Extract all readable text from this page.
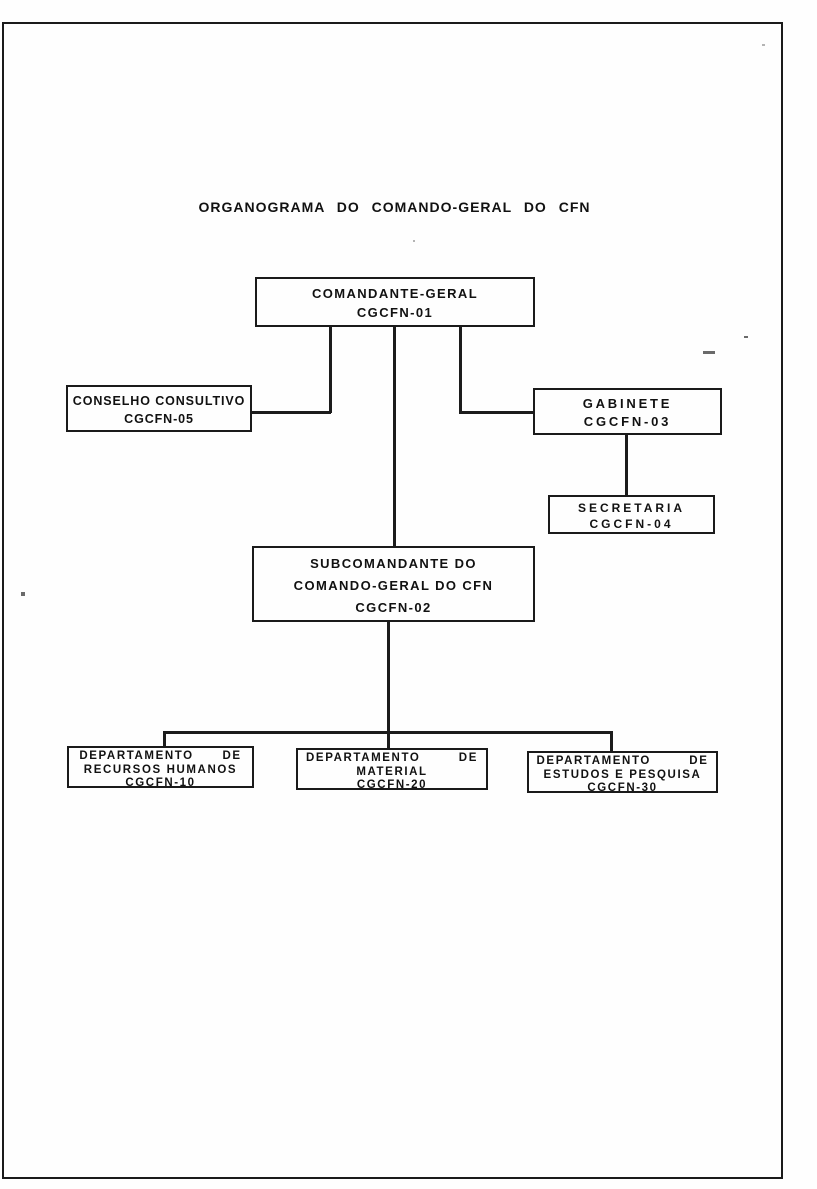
ORGANOGRAMA DO COMANDO-GERAL DO CFN
COMANDANTE-GERAL
CGCFN-01
CONSELHO CONSULTIVO
CGCFN-05
GABINETE
CGCFN-03
SECRETARIA
CGCFN-04
SUBCOMANDANTE DO
COMANDO-GERAL DO CFN
CGCFN-02
DEPARTAMENTO      DE
RECURSOS HUMANOS
CGCFN-10
DEPARTAMENTO        DE
MATERIAL
CGCFN-20
DEPARTAMENTO        DE
ESTUDOS E PESQUISA
CGCFN-30
